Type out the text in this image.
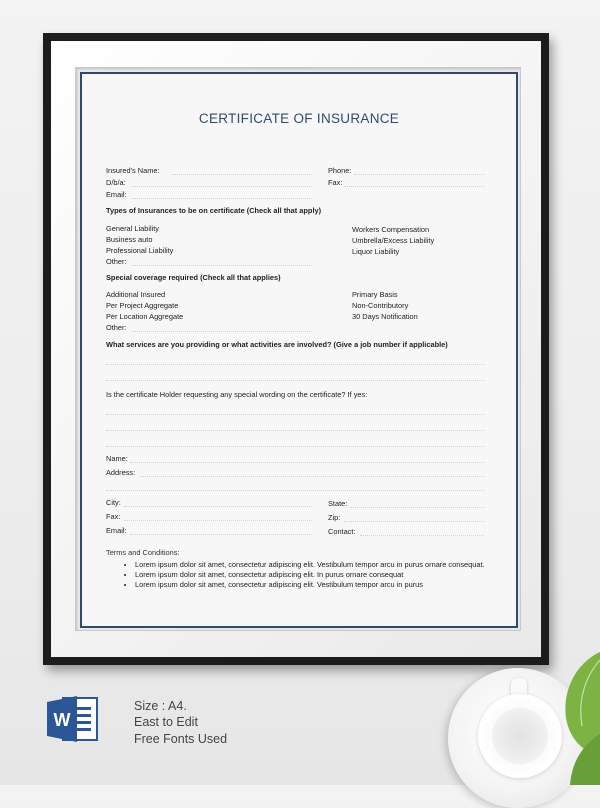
CERTIFICATE OF INSURANCE
Insured's Name:	Phone:
D/b/a:	Fax:
Email:
Types of Insurances to be on certificate (Check all that apply)
General Liability
Business auto
Professional Liability
Other:
Workers Compensation
Umbrella/Excess Liability
Liquor Liability
Special coverage required (Check all that applies)
Additional Insured
Per Project Aggregate
Per Location Aggregate
Other:
Primary Basis
Non-Contributory
30 Days Notification
What services are you providing or what activities are involved? (Give a job number if applicable)
Is the certificate Holder requesting any special wording on the certificate? If yes:
Name:
Address:
City:	State:
Fax:	Zip:
Email:	Contact:
Terms and Conditions:
• Lorem ipsum dolor sit amet, consectetur adipiscing elit. Vestibulum tempor arcu in purus ornare consequat.
• Lorem ipsum dolor sit amet, consectetur adipiscing elit. In purus ornare consequat
• Lorem ipsum dolor sit amet, consectetur adipiscing elit. Vestibulum tempor arcu in purus
W
Size : A4.
East to Edit
Free Fonts Used
